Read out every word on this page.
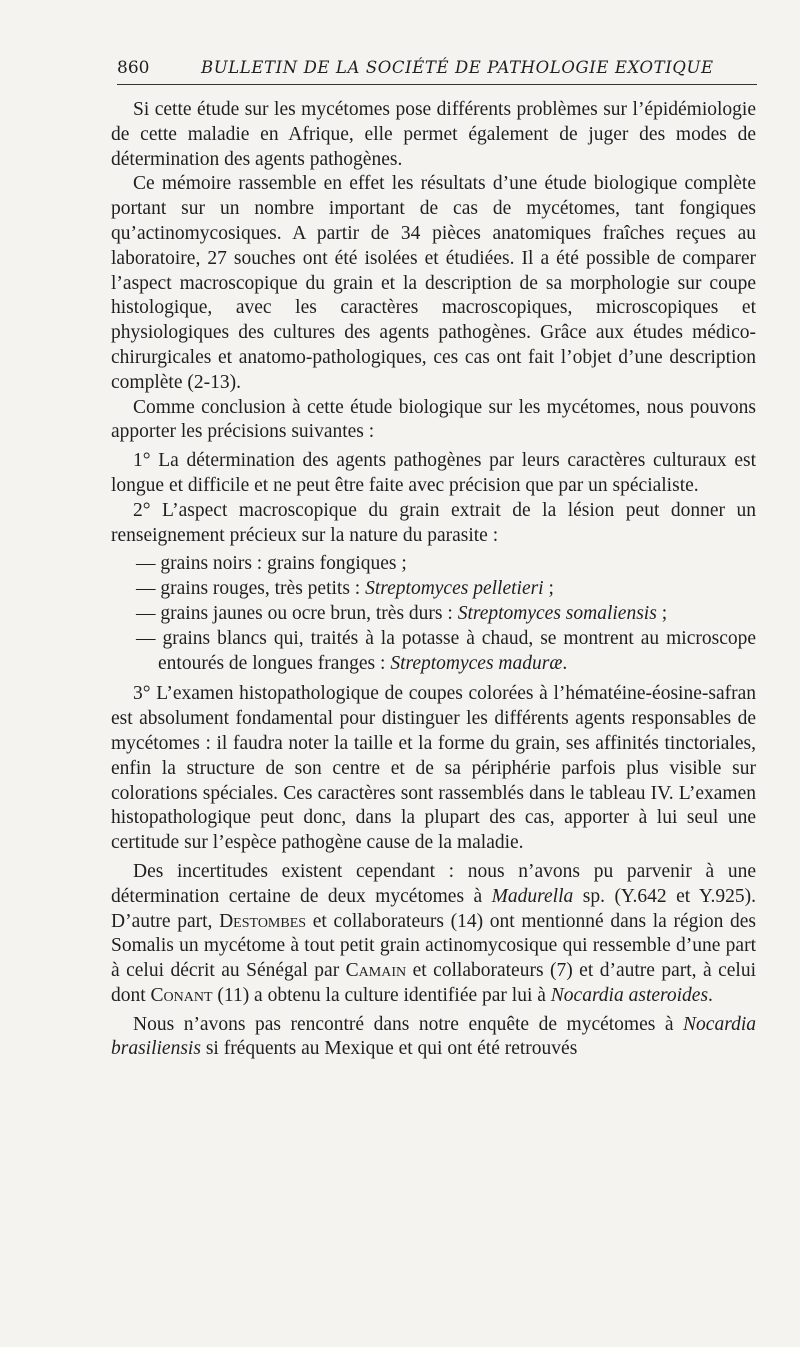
860	BULLETIN DE LA SOCIÉTÉ DE PATHOLOGIE EXOTIQUE

Si cette étude sur les mycétomes pose différents problèmes sur l’épidémiologie de cette maladie en Afrique, elle permet également de juger des modes de détermination des agents pathogènes.

Ce mémoire rassemble en effet les résultats d’une étude biologique complète portant sur un nombre important de cas de mycétomes, tant fongiques qu’actinomycosiques. A partir de 34 pièces anatomiques fraîches reçues au laboratoire, 27 souches ont été isolées et étudiées. Il a été possible de comparer l’aspect macroscopique du grain et la description de sa morphologie sur coupe histologique, avec les caractères macroscopiques, microscopiques et physiologiques des cultures des agents pathogènes. Grâce aux études médico-chirurgicales et anatomo-pathologiques, ces cas ont fait l’objet d’une description complète (2-13).

Comme conclusion à cette étude biologique sur les mycétomes, nous pouvons apporter les précisions suivantes :

1° La détermination des agents pathogènes par leurs caractères culturaux est longue et difficile et ne peut être faite avec précision que par un spécialiste.

2° L’aspect macroscopique du grain extrait de la lésion peut donner un renseignement précieux sur la nature du parasite :

— grains noirs : grains fongiques ;
— grains rouges, très petits : Streptomyces pelletieri ;
— grains jaunes ou ocre brun, très durs : Streptomyces somaliensis ;
— grains blancs qui, traités à la potasse à chaud, se montrent au microscope entourés de longues franges : Streptomyces maduræ.

3° L’examen histopathologique de coupes colorées à l’hématéine-éosine-safran est absolument fondamental pour distinguer les différents agents responsables de mycétomes : il faudra noter la taille et la forme du grain, ses affinités tinctoriales, enfin la structure de son centre et de sa périphérie parfois plus visible sur colorations spéciales. Ces caractères sont rassemblés dans le tableau IV. L’examen histopathologique peut donc, dans la plupart des cas, apporter à lui seul une certitude sur l’espèce pathogène cause de la maladie.

Des incertitudes existent cependant : nous n’avons pu parvenir à une détermination certaine de deux mycétomes à Madurella sp. (Y.642 et Y.925). D’autre part, Destombes et collaborateurs (14) ont mentionné dans la région des Somalis un mycétome à tout petit grain actinomycosique qui ressemble d’une part à celui décrit au Sénégal par Camain et collaborateurs (7) et d’autre part, à celui dont Conant (11) a obtenu la culture identifiée par lui à Nocardia asteroides.

Nous n’avons pas rencontré dans notre enquête de mycétomes à Nocardia brasiliensis si fréquents au Mexique et qui ont été retrouvés
